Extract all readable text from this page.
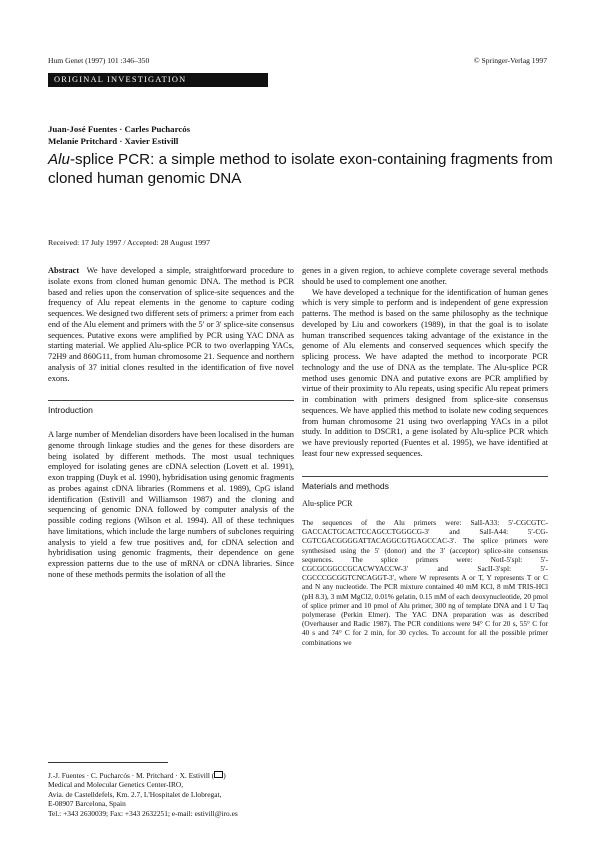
Hum Genet (1997) 101 :346–350	© Springer-Verlag 1997
ORIGINAL INVESTIGATION
Juan-José Fuentes · Carles Pucharcós
Melanie Pritchard · Xavier Estivill
Alu-splice PCR: a simple method to isolate exon-containing fragments from cloned human genomic DNA
Received: 17 July 1997 / Accepted: 28 August 1997

Abstract We have developed a simple, straightforward procedure to isolate exons from cloned human genomic DNA. The method is PCR based and relies upon the conservation of splice-site sequences and the frequency of Alu repeat elements in the genome to capture coding sequences. We designed two different sets of primers: a primer from each end of the Alu element and primers with the 5′ or 3′ splice-site consensus sequences. Putative exons were amplified by PCR using YAC DNA as starting material. We applied Alu-splice PCR to two overlapping YACs, 72H9 and 860G11, from human chromosome 21. Sequence and northern analysis of 37 initial clones resulted in the identification of five novel exons.

Introduction

A large number of Mendelian disorders have been localised in the human genome through linkage studies and the genes for these disorders are being isolated by different methods. The most usual techniques employed for isolating genes are cDNA selection (Lovett et al. 1991), exon trapping (Duyk et al. 1990), hybridisation using genomic fragments as probes against cDNA libraries (Rommens et al. 1989), CpG island identification (Estivill and Williamson 1987) and the cloning and sequencing of genomic DNA followed by computer analysis of the possible coding regions (Wilson et al. 1994). All of these techniques have limitations, which include the large numbers of subclones requiring analysis to yield a few true positives and, for cDNA selection and hybridisation using genomic fragments, their dependence on gene expression patterns due to the use of mRNA or cDNA libraries. Since none of these methods permits the isolation of all the

genes in a given region, to achieve complete coverage several methods should be used to complement one another.

We have developed a technique for the identification of human genes which is very simple to perform and is independent of gene expression patterns. The method is based on the same philosophy as the technique developed by Liu and coworkers (1989), in that the goal is to isolate human transcribed sequences taking advantage of the existance in the genome of Alu elements and conserved sequences which specify the splicing process. We have adapted the method to incorporate PCR technology and the use of DNA as the template. The Alu-splice PCR method uses genomic DNA and putative exons are PCR amplified by virtue of their proximity to Alu repeats, using specific Alu repeat primers in combination with primers designed from splice-site consensus sequences. We have applied this method to isolate new coding sequences from human chromosome 21 using two overlapping YACs in a pilot study. In addition to DSCR1, a gene isolated by Alu-splice PCR which we have previously reported (Fuentes et al. 1995), we have identified at least four new expressed sequences.

Materials and methods
Alu-splice PCR

The sequences of the Alu primers were: SalI-A33: 5′-CGCGTC-GACCACTGCACTCCAGCCTGGGCG-3′ and SalI-A44: 5′-CG-CGTCGACGGGGATTACAGGCGTGAGCCAC-3′. The splice primers were synthesised using the 5′ (donor) and the 3′ (acceptor) splice-site consensus sequences. The splice primers were: NotI-5′spl: 5′-CGCGCGGCCGCACWYACCW-3′ and SacII-3′spl: 5′-CGCCCGCGGTCNCAGGT-3′, where W represents A or T, Y represents T or C and N any nucleotide. The PCR mixture contained 40 mM KCl, 8 mM TRIS-HCl (pH 8.3), 3 mM MgCl2, 0.01% gelatin, 0.15 mM of each deoxynucleotide, 20 pmol of splice primer and 10 pmol of Alu primer, 300 ng of template DNA and 1 U Taq polymerase (Perkin Elmer). The YAC DNA preparation was as described (Overhauser and Radic 1987). The PCR conditions were 94° C for 20 s, 55° C for 40 s and 74° C for 2 min, for 30 cycles. To account for all the possible primer combinations we

J.-J. Fuentes · C. Pucharcós · M. Pritchard · X. Estivill ( )
Medical and Molecular Genetics Center-IRO,
Avia. de Castelldefels, Km. 2.7, L'Hospitalet de Llobregat,
E-08907 Barcelona, Spain
Tel.: +343 2630039; Fax: +343 2632251; e-mail: estivill@iro.es
